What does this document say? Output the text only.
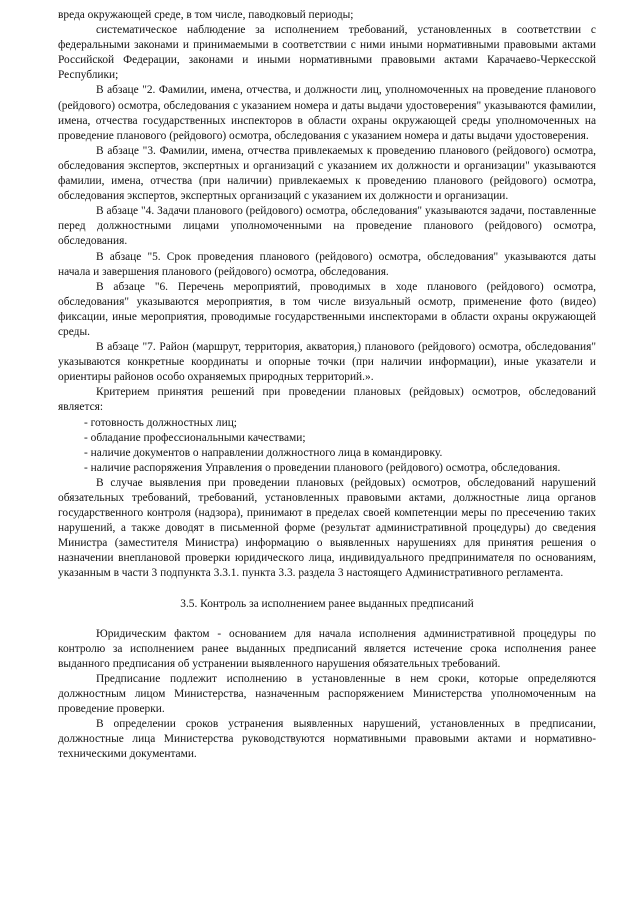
вреда окружающей среде, в том числе, паводковый периоды;

систематическое наблюдение за исполнением требований, установленных в соответствии с федеральными законами и принимаемыми в соответствии с ними иными нормативными правовыми актами Российской Федерации, законами и иными нормативными правовыми актами Карачаево-Черкесской Республики;

В абзаце "2. Фамилии, имена, отчества, и должности лиц, уполномоченных на проведение планового (рейдового) осмотра, обследования с указанием номера и даты выдачи удостоверения" указываются фамилии, имена, отчества государственных инспекторов в области охраны окружающей среды уполномоченных на проведение планового (рейдового) осмотра, обследования с указанием номера и даты выдачи удостоверения.

В абзаце "3. Фамилии, имена, отчества привлекаемых к проведению планового (рейдового) осмотра, обследования экспертов, экспертных и организаций с указанием их должности и организации" указываются фамилии, имена, отчества (при наличии) привлекаемых к проведению планового (рейдового) осмотра, обследования экспертов, экспертных организаций с указанием их должности и организации.

В абзаце "4. Задачи планового (рейдового) осмотра, обследования" указываются задачи, поставленные перед должностными лицами уполномоченными на проведение планового (рейдового) осмотра, обследования.

В абзаце "5. Срок проведения планового (рейдового) осмотра, обследования" указываются даты начала и завершения планового (рейдового) осмотра, обследования.

В абзаце "6. Перечень мероприятий, проводимых в ходе планового (рейдового) осмотра, обследования" указываются мероприятия, в том числе визуальный осмотр, применение фото (видео) фиксации, иные мероприятия, проводимые государственными инспекторами в области охраны окружающей среды.

В абзаце "7. Район (маршрут, территория, акватория,) планового (рейдового) осмотра, обследования" указываются конкретные координаты и опорные точки (при наличии информации), иные указатели и ориентиры районов особо охраняемых природных территорий.».

Критерием принятия решений при проведении плановых (рейдовых) осмотров, обследований является:

- готовность должностных лиц;

- обладание профессиональными качествами;

- наличие документов о направлении должностного лица в командировку.

- наличие распоряжения Управления о проведении планового (рейдового) осмотра, обследования.

В случае выявления при проведении плановых (рейдовых) осмотров, обследований нарушений обязательных требований, требований, установленных правовыми актами, должностные лица органов государственного контроля (надзора), принимают в пределах своей компетенции меры по пресечению таких нарушений, а также доводят в письменной форме (результат административной процедуры) до сведения Министра (заместителя Министра) информацию о выявленных нарушениях для принятия решения о назначении внеплановой проверки юридического лица, индивидуального предпринимателя по основаниям, указанным в части 3 подпункта 3.3.1. пункта 3.3. раздела 3 настоящего Административного регламента.

3.5. Контроль за исполнением ранее выданных предписаний

Юридическим фактом - основанием для начала исполнения административной процедуры по контролю за исполнением ранее выданных предписаний является истечение срока исполнения ранее выданного предписания об устранении выявленного нарушения обязательных требований.

Предписание подлежит исполнению в установленные в нем сроки, которые определяются должностным лицом Министерства, назначенным распоряжением Министерства уполномоченным на проведение проверки.

В определении сроков устранения выявленных нарушений, установленных в предписании, должностные лица Министерства руководствуются нормативными правовыми актами и нормативно-техническими документами.
